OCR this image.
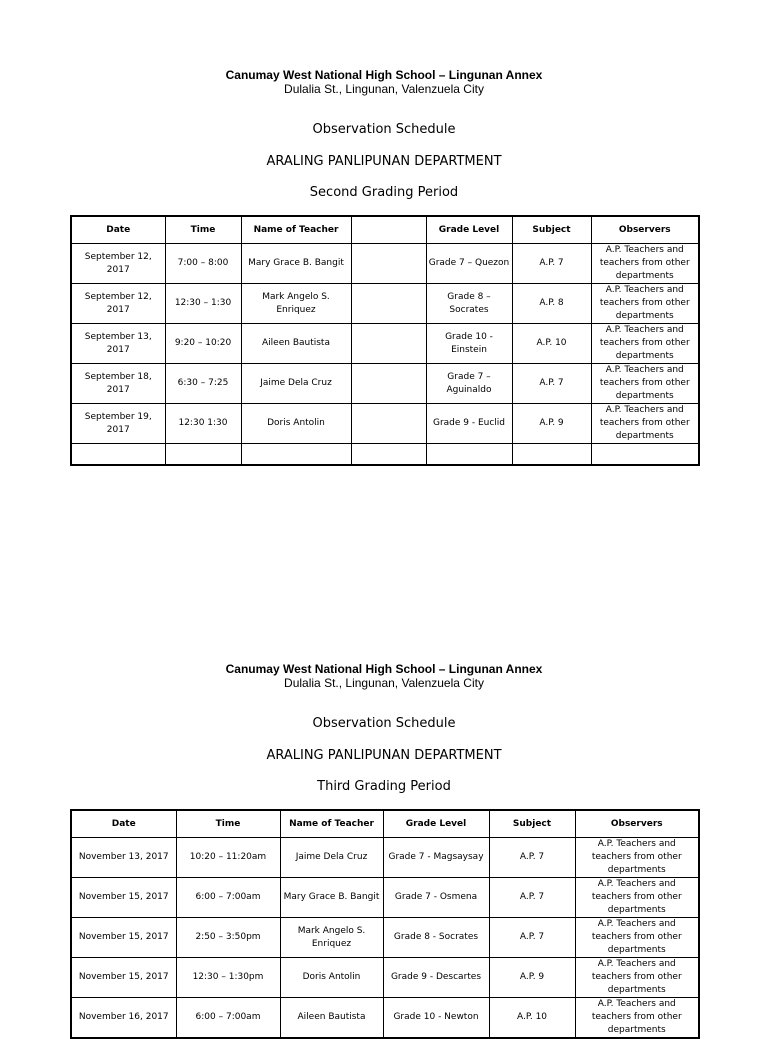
Canumay West National High School – Lingunan Annex
Dulalia St., Lingunan, Valenzuela City
Observation Schedule
ARALING PANLIPUNAN DEPARTMENT
Second Grading Period
Date	Time	Name of Teacher		Grade Level	Subject	Observers
September 12, 2017	7:00 – 8:00	Mary Grace B. Bangit		Grade 7 – Quezon	A.P. 7	A.P. Teachers and teachers from other departments
September 12, 2017	12:30 – 1:30	Mark Angelo S. Enriquez		Grade 8 – Socrates	A.P. 8	A.P. Teachers and teachers from other departments
September 13, 2017	9:20 – 10:20	Aileen Bautista		Grade 10 - Einstein	A.P. 10	A.P. Teachers and teachers from other departments
September 18, 2017	6:30 – 7:25	Jaime Dela Cruz		Grade 7 – Aguinaldo	A.P. 7	A.P. Teachers and teachers from other departments
September 19, 2017	12:30 1:30	Doris Antolin		Grade 9 - Euclid	A.P. 9	A.P. Teachers and teachers from other departments

Canumay West National High School – Lingunan Annex
Dulalia St., Lingunan, Valenzuela City
Observation Schedule
ARALING PANLIPUNAN DEPARTMENT
Third Grading Period
Date	Time	Name of Teacher	Grade Level	Subject	Observers
November 13, 2017	10:20 – 11:20am	Jaime Dela Cruz	Grade 7 - Magsaysay	A.P. 7	A.P. Teachers and teachers from other departments
November 15, 2017	6:00 – 7:00am	Mary Grace B. Bangit	Grade 7 - Osmena	A.P. 7	A.P. Teachers and teachers from other departments
November 15, 2017	2:50 – 3:50pm	Mark Angelo S. Enriquez	Grade 8 - Socrates	A.P. 7	A.P. Teachers and teachers from other departments
November 15, 2017	12:30 – 1:30pm	Doris Antolin	Grade 9 - Descartes	A.P. 9	A.P. Teachers and teachers from other departments
November 16, 2017	6:00 – 7:00am	Aileen Bautista	Grade 10 - Newton	A.P. 10	A.P. Teachers and teachers from other departments
